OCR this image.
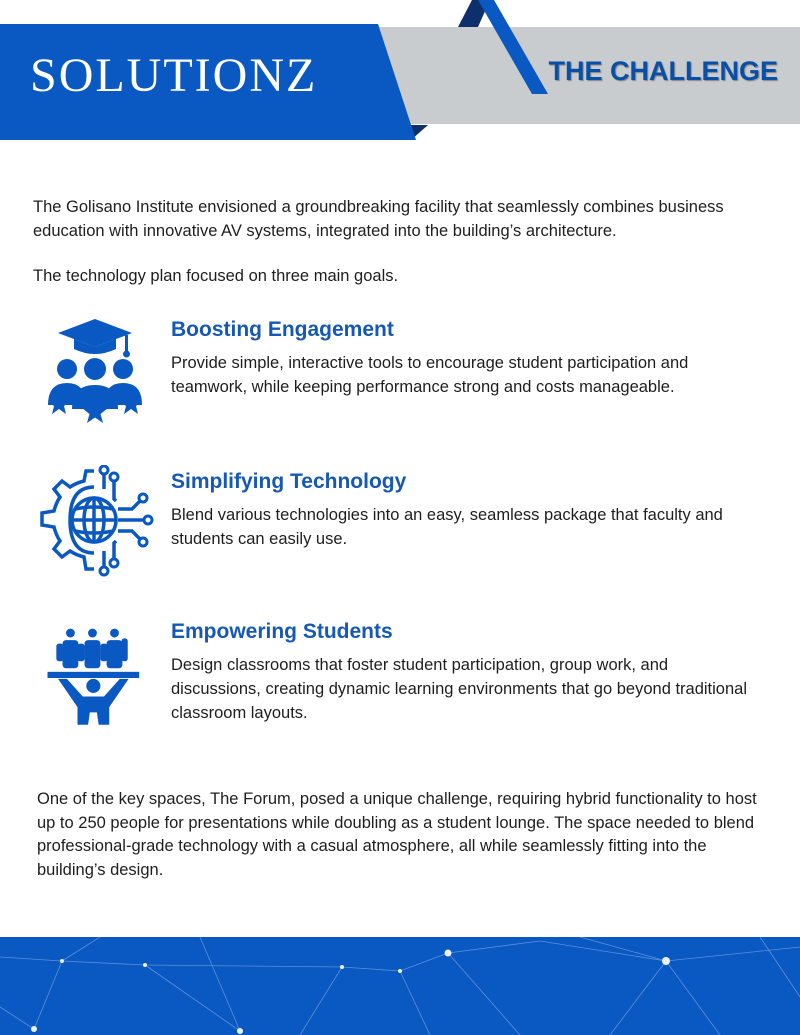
SOLUTIONZ	THE CHALLENGE

The Golisano Institute envisioned a groundbreaking facility that seamlessly combines business education with innovative AV systems, integrated into the building’s architecture.

The technology plan focused on three main goals.

Boosting Engagement
Provide simple, interactive tools to encourage student participation and teamwork, while keeping performance strong and costs manageable.
Simplifying Technology
Blend various technologies into an easy, seamless package that faculty and students can easily use.
Empowering Students
Design classrooms that foster student participation, group work, and discussions, creating dynamic learning environments that go beyond traditional classroom layouts.
One of the key spaces, The Forum, posed a unique challenge, requiring hybrid functionality to host up to 250 people for presentations while doubling as a student lounge. The space needed to blend professional-grade technology with a casual atmosphere, all while seamlessly fitting into the building’s design.
